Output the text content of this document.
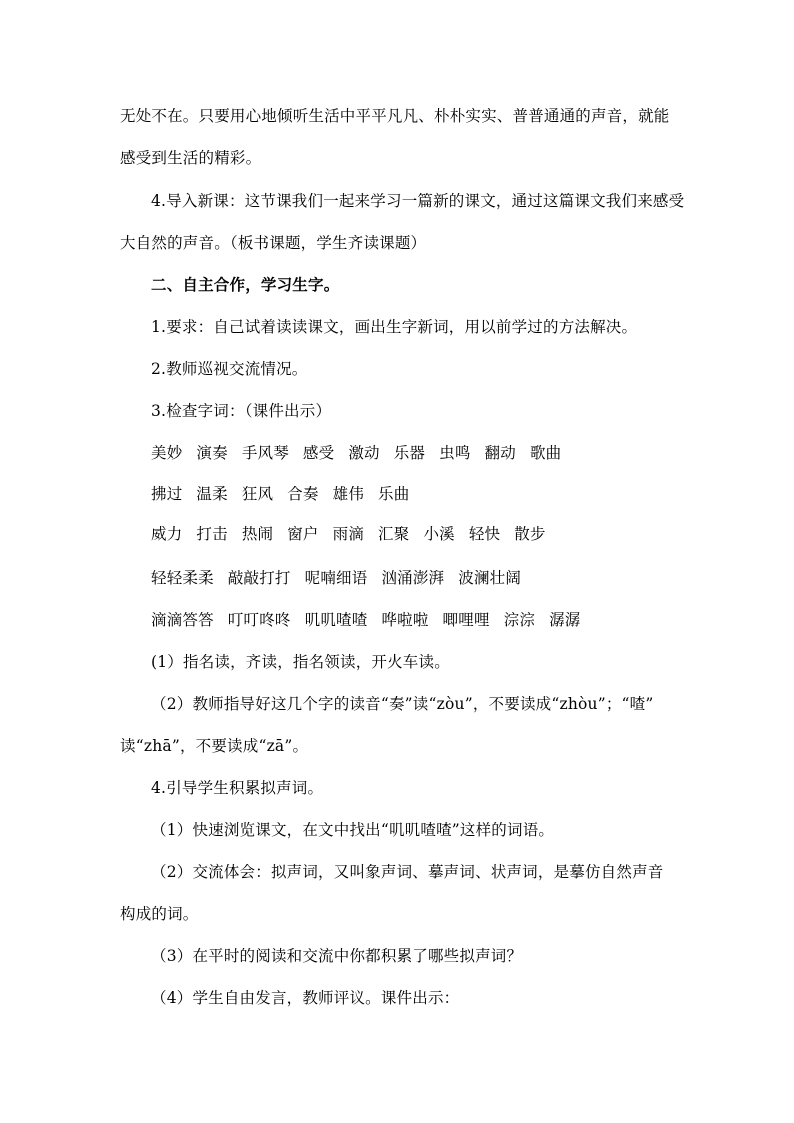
无处不在。只要用心地倾听生活中平平凡凡、朴朴实实、普普通通的声音，就能
感受到生活的精彩。
4.导入新课：这节课我们一起来学习一篇新的课文，通过这篇课文我们来感受
大自然的声音。（板书课题，学生齐读课题）
二、自主合作，学习生字。
1.要求：自己试着读读课文，画出生字新词，用以前学过的方法解决。
2.教师巡视交流情况。
3.检查字词：（课件出示）
美妙 演奏 手风琴 感受 激动 乐器 虫鸣 翻动 歌曲
拂过 温柔 狂风 合奏 雄伟 乐曲
威力 打击 热闹 窗户 雨滴 汇聚 小溪 轻快 散步
轻轻柔柔 敲敲打打 呢喃细语 汹涌澎湃 波澜壮阔
滴滴答答 叮叮咚咚 叽叽喳喳 哗啦啦 唧哩哩 淙淙 潺潺
(1）指名读，齐读，指名领读，开火车读。
（2）教师指导好这几个字的读音“奏”读“zòu”，不要读成“zhòu”；“喳”
读“zhā”，不要读成“zā”。
4.引导学生积累拟声词。
（1）快速浏览课文，在文中找出“叽叽喳喳”这样的词语。
（2）交流体会：拟声词，又叫象声词、摹声词、状声词，是摹仿自然声音
构成的词。
（3）在平时的阅读和交流中你都积累了哪些拟声词？
（4）学生自由发言，教师评议。课件出示：
